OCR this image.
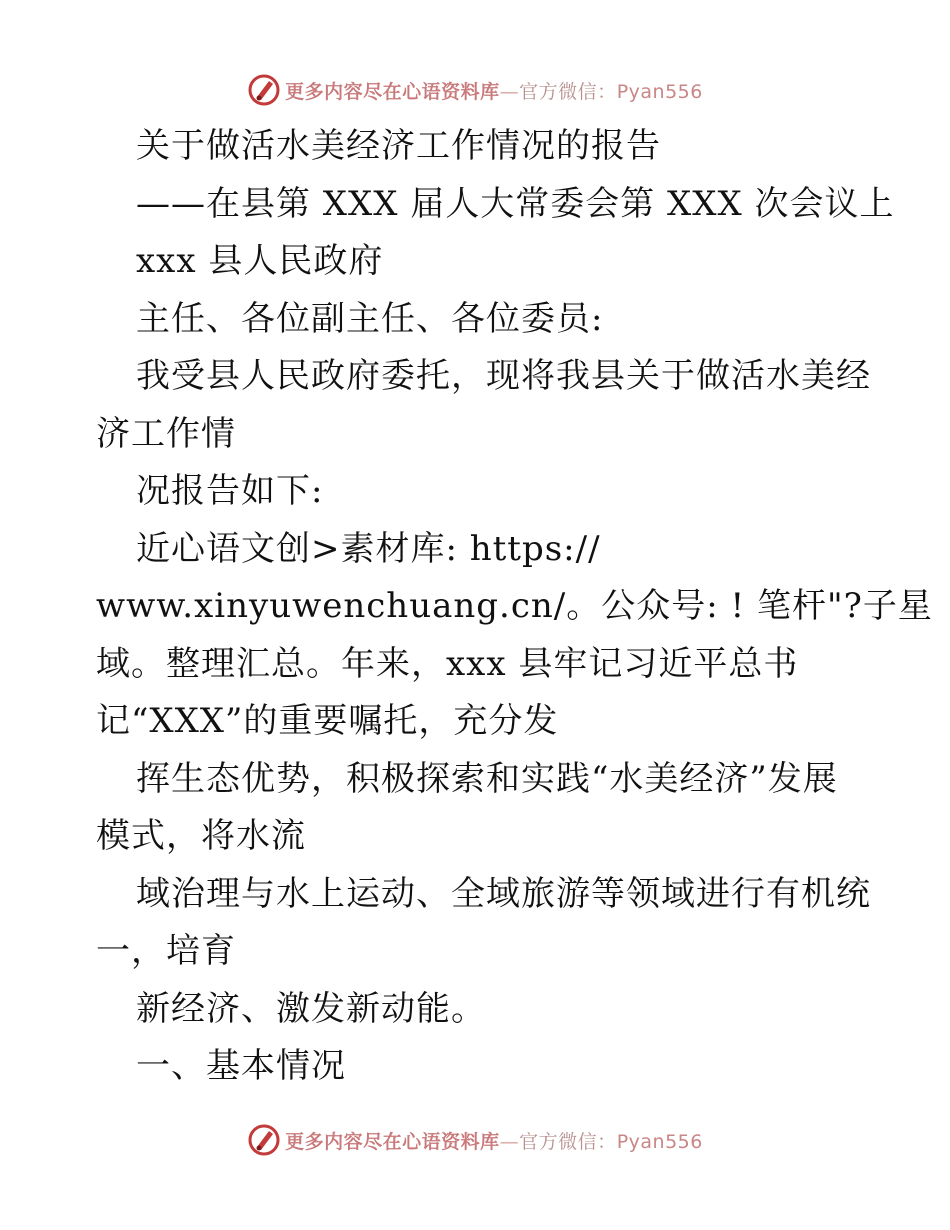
更多内容尽在心语资料库—官方微信：Pyan556
关于做活水美经济工作情况的报告
——在县第 XXX 届人大常委会第 XXX 次会议上
xxx 县人民政府
主任、各位副主任、各位委员:
我受县人民政府委托，现将我县关于做活水美经
济工作情
况报告如下:
近心语文创>素材库: https://
www.xinyuwenchuang.cn/。公众号: ! 笔杆"?子星
域。整理汇总。年来，xxx 县牢记习近平总书
记“XXX”的重要嘱托，充分发
挥生态优势，积极探索和实践“水美经济”发展
模式，将水流
域治理与水上运动、全域旅游等领域进行有机统
一，培育
新经济、激发新动能。
一、基本情况
更多内容尽在心语资料库—官方微信：Pyan556
